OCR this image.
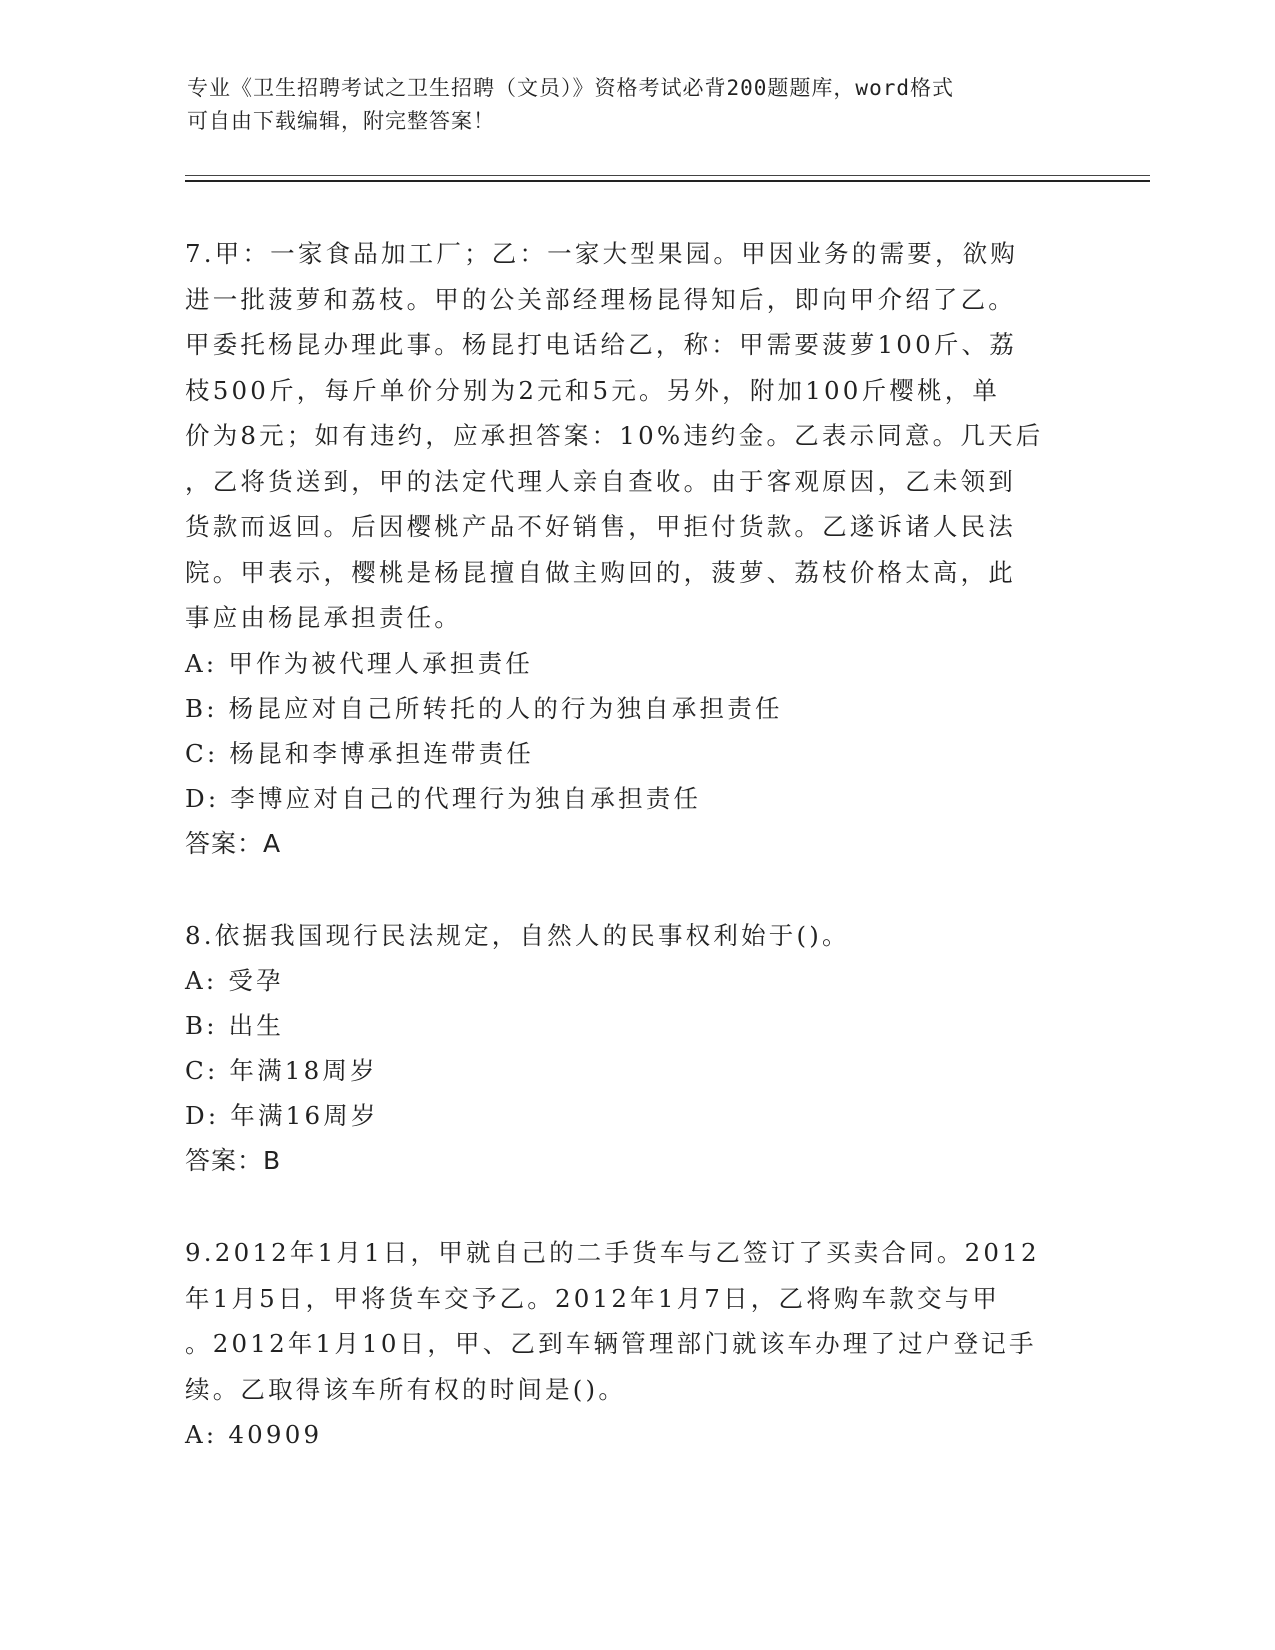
专业《卫生招聘考试之卫生招聘（文员）》资格考试必背200题题库，word格式
可自由下载编辑，附完整答案！
7.甲：一家食品加工厂；乙：一家大型果园。甲因业务的需要，欲购
进一批菠萝和荔枝。甲的公关部经理杨昆得知后，即向甲介绍了乙。
甲委托杨昆办理此事。杨昆打电话给乙，称：甲需要菠萝100斤、荔
枝500斤，每斤单价分别为2元和5元。另外，附加100斤樱桃，单
价为8元；如有违约，应承担答案：10%违约金。乙表示同意。几天后
，乙将货送到，甲的法定代理人亲自查收。由于客观原因，乙未领到
货款而返回。后因樱桃产品不好销售，甲拒付货款。乙遂诉诸人民法
院。甲表示，樱桃是杨昆擅自做主购回的，菠萝、荔枝价格太高，此
事应由杨昆承担责任。
A: 甲作为被代理人承担责任
B: 杨昆应对自己所转托的人的行为独自承担责任
C: 杨昆和李博承担连带责任
D: 李博应对自己的代理行为独自承担责任
答案：A
8.依据我国现行民法规定，自然人的民事权利始于()。
A: 受孕
B: 出生
C: 年满18周岁
D: 年满16周岁
答案：B
9.2012年1月1日，甲就自己的二手货车与乙签订了买卖合同。2012
年1月5日，甲将货车交予乙。2012年1月7日，乙将购车款交与甲
。2012年1月10日，甲、乙到车辆管理部门就该车办理了过户登记手
续。乙取得该车所有权的时间是()。
A: 40909
